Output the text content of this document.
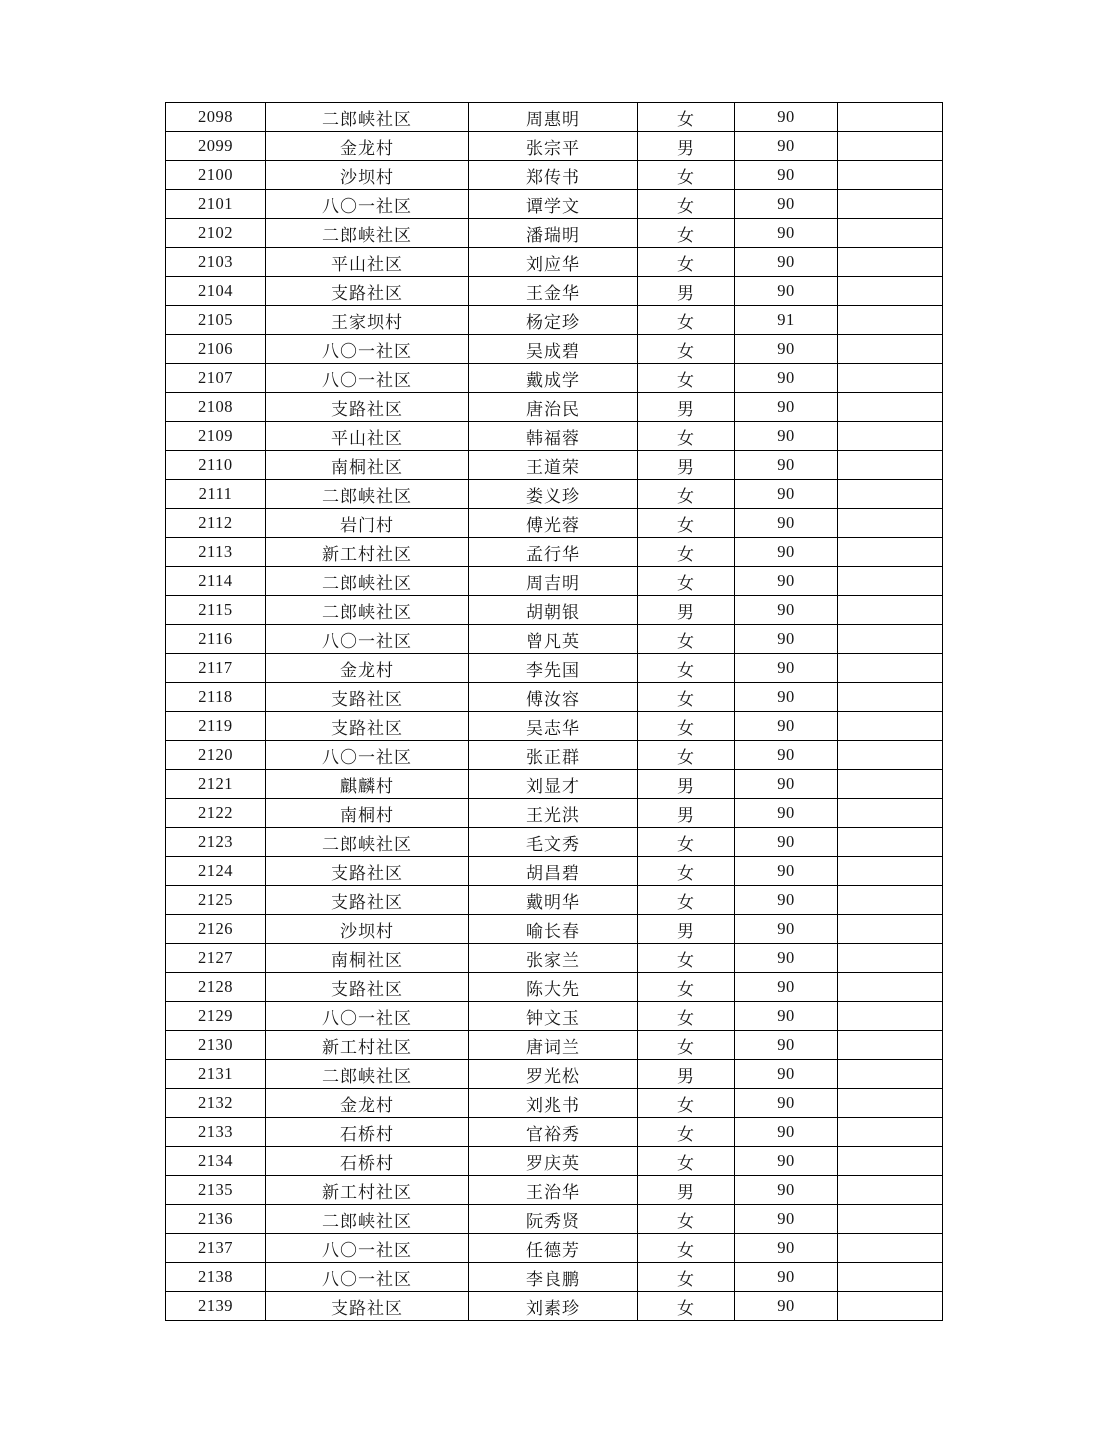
2098	二郎峡社区	周惠明	女	90	
2099	金龙村	张宗平	男	90	
2100	沙坝村	郑传书	女	90	
2101	八〇一社区	谭学文	女	90	
2102	二郎峡社区	潘瑞明	女	90	
2103	平山社区	刘应华	女	90	
2104	支路社区	王金华	男	90	
2105	王家坝村	杨定珍	女	91	
2106	八〇一社区	吴成碧	女	90	
2107	八〇一社区	戴成学	女	90	
2108	支路社区	唐治民	男	90	
2109	平山社区	韩福蓉	女	90	
2110	南桐社区	王道荣	男	90	
2111	二郎峡社区	娄义珍	女	90	
2112	岩门村	傅光蓉	女	90	
2113	新工村社区	孟行华	女	90	
2114	二郎峡社区	周吉明	女	90	
2115	二郎峡社区	胡朝银	男	90	
2116	八〇一社区	曾凡英	女	90	
2117	金龙村	李先国	女	90	
2118	支路社区	傅汝容	女	90	
2119	支路社区	吴志华	女	90	
2120	八〇一社区	张正群	女	90	
2121	麒麟村	刘显才	男	90	
2122	南桐村	王光洪	男	90	
2123	二郎峡社区	毛文秀	女	90	
2124	支路社区	胡昌碧	女	90	
2125	支路社区	戴明华	女	90	
2126	沙坝村	喻长春	男	90	
2127	南桐社区	张家兰	女	90	
2128	支路社区	陈大先	女	90	
2129	八〇一社区	钟文玉	女	90	
2130	新工村社区	唐词兰	女	90	
2131	二郎峡社区	罗光松	男	90	
2132	金龙村	刘兆书	女	90	
2133	石桥村	官裕秀	女	90	
2134	石桥村	罗庆英	女	90	
2135	新工村社区	王治华	男	90	
2136	二郎峡社区	阮秀贤	女	90	
2137	八〇一社区	任德芳	女	90	
2138	八〇一社区	李良鹏	女	90	
2139	支路社区	刘素珍	女	90	
